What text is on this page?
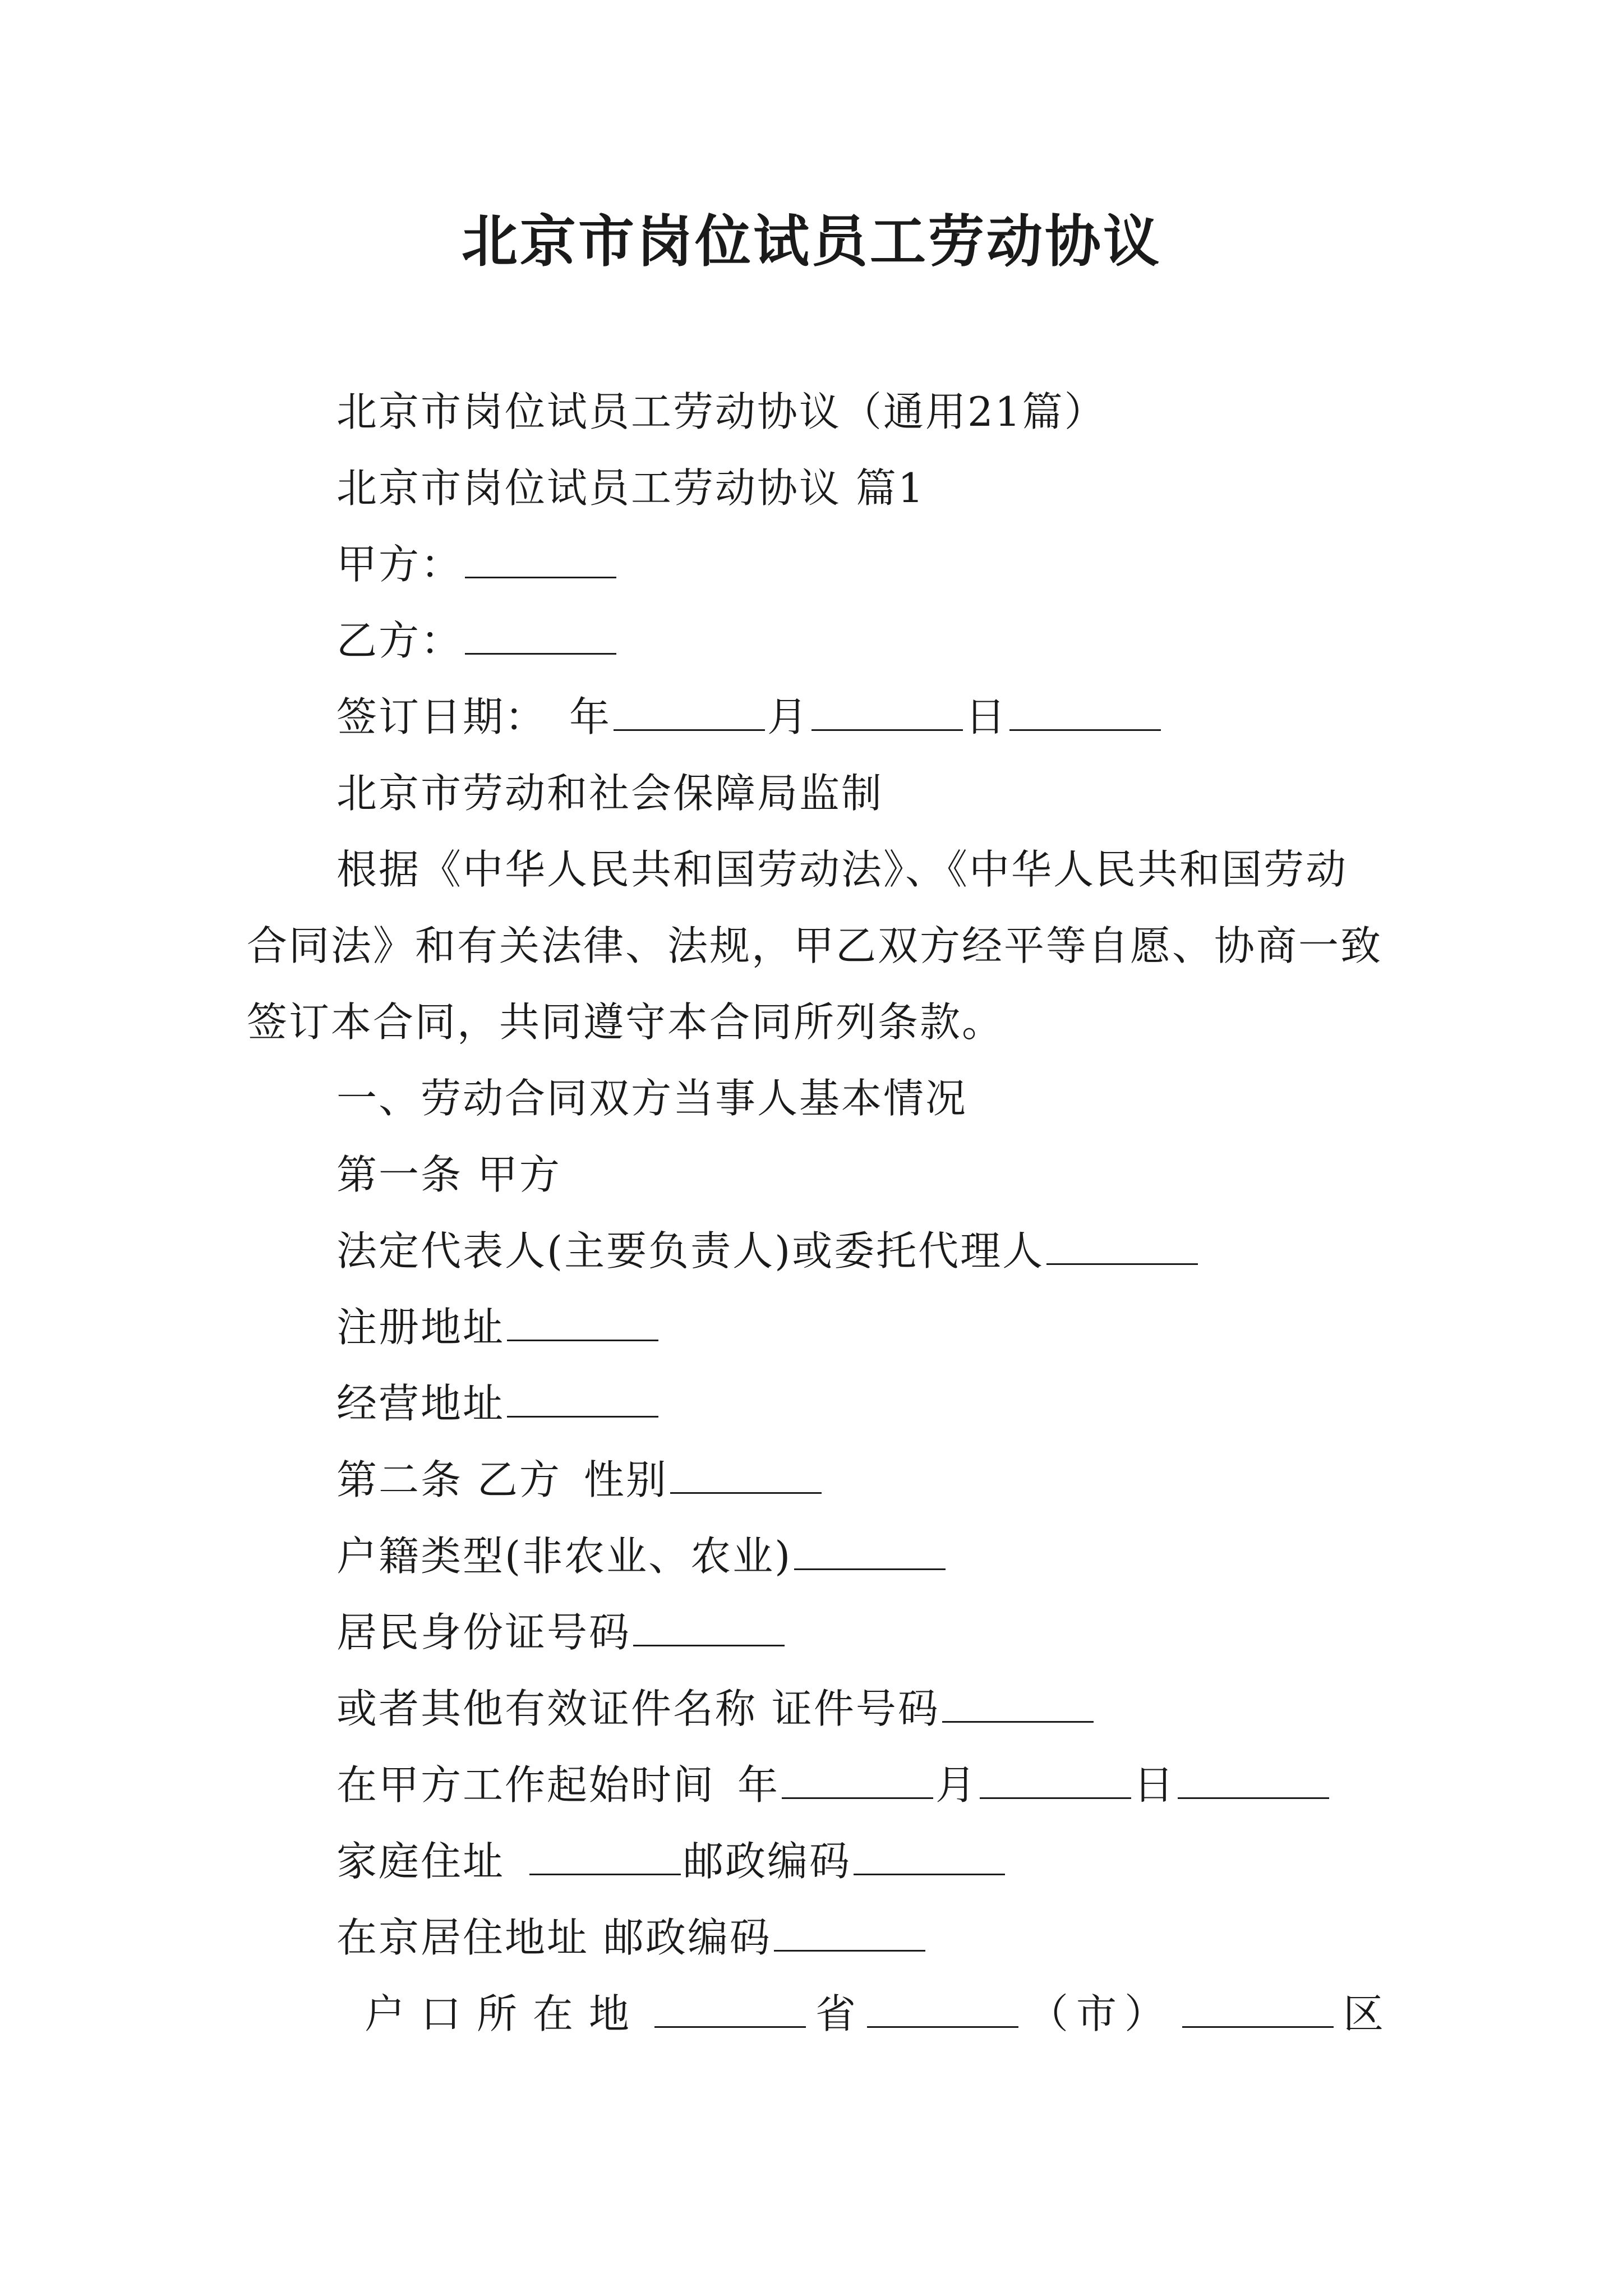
北京市岗位试员工劳动协议

北京市岗位试员工劳动协议（通用21篇）

北京市岗位试员工劳动协议 篇1

甲方：

乙方：

签订日期： 年	月	日

北京市劳动和社会保障局监制

根据《中华人民共和国劳动法》、《中华人民共和国劳动合同法》和有关法律、法规，甲乙双方经平等自愿、协商一致签订本合同，共同遵守本合同所列条款。

一、劳动合同双方当事人基本情况

第一条 甲方

法定代表人(主要负责人)或委托代理人

注册地址

经营地址

第二条 乙方 性别

户籍类型(非农业、农业)

居民身份证号码

或者其他有效证件名称 证件号码

在甲方工作起始时间 年	月	日

家庭住址	邮政编码

在京居住地址 邮政编码

户口所在地	省	（市）	区
